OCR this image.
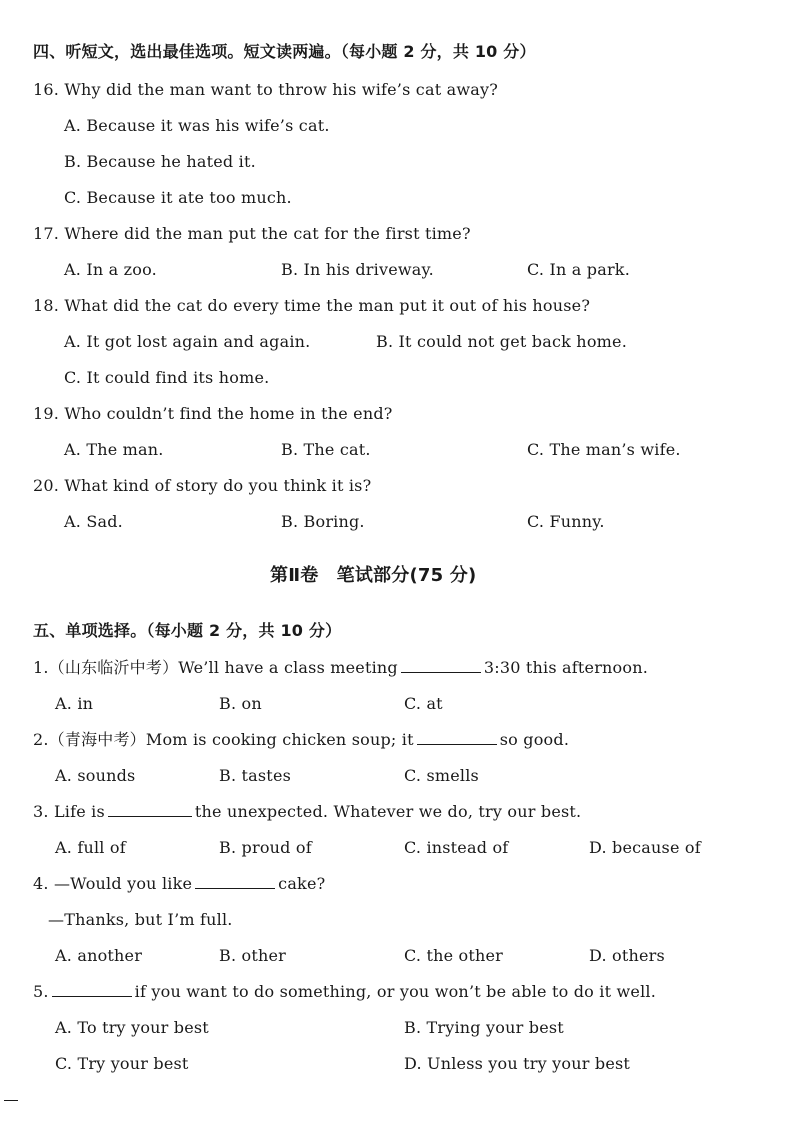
四、听短文，选出最佳选项。短文读两遍。（每小题 2 分，共 10 分）
16. Why did the man want to throw his wife’s cat away?
A. Because it was his wife’s cat.
B. Because he hated it.
C. Because it ate too much.
17. Where did the man put the cat for the first time?
A. In a zoo.	B. In his driveway.	C. In a park.
18. What did the cat do every time the man put it out of his house?
A. It got lost again and again.	B. It could not get back home.
C. It could find its home.
19. Who couldn’t find the home in the end?
A. The man.	B. The cat.	C. The man’s wife.
20. What kind of story do you think it is?
A. Sad.	B. Boring.	C. Funny.
第Ⅱ卷　笔试部分(75 分)
五、单项选择。（每小题 2 分，共 10 分）
1.（山东临沂中考）We’ll have a class meeting	3:30 this afternoon.
A. in	B. on	C. at
2.（青海中考）Mom is cooking chicken soup; it	so good.
A. sounds	B. tastes	C. smells
3. Life is	the unexpected. Whatever we do, try our best.
A. full of	B. proud of	C. instead of	D. because of
4. —Would you like	cake?
—Thanks, but I’m full.
A. another	B. other	C. the other	D. others
5.	if you want to do something, or you won’t be able to do it well.
A. To try your best	B. Trying your best
C. Try your best	D. Unless you try your best
